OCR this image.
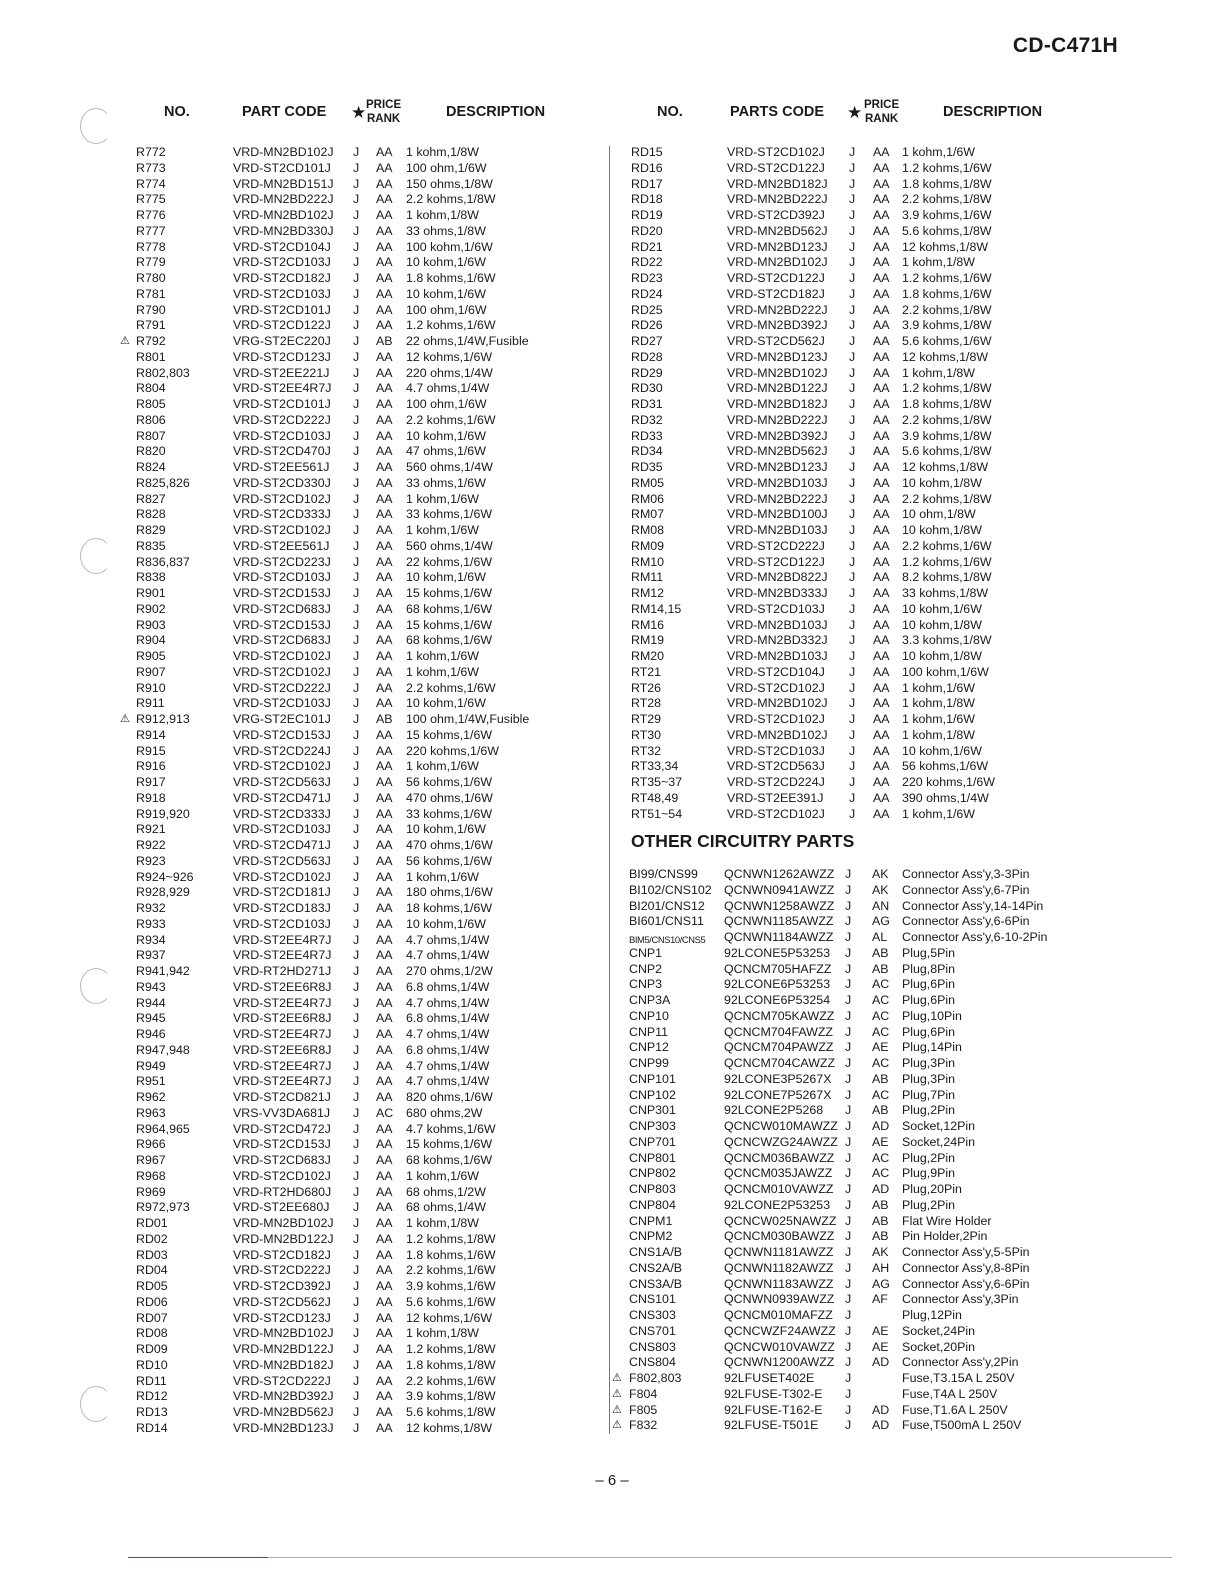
CD-C471H
NO.	PART CODE ★ PRICE
RANK	DESCRIPTION	NO.	PARTS CODE ★ PRICE
RANK	DESCRIPTION
R772	VRD-MN2BD102J J AA 1 kohm,1/8W
R773	VRD-ST2CD101J J AA 100 ohm,1/6W
R774	VRD-MN2BD151J J AA 150 ohms,1/8W
R775	VRD-MN2BD222J J AA 2.2 kohms,1/8W
R776	VRD-MN2BD102J J AA 1 kohm,1/8W
R777	VRD-MN2BD330J J AA 33 ohms,1/8W
R778	VRD-ST2CD104J J AA 100 kohm,1/6W
R779	VRD-ST2CD103J J AA 10 kohm,1/6W
R780	VRD-ST2CD182J J AA 1.8 kohms,1/6W
R781	VRD-ST2CD103J J AA 10 kohm,1/6W
R790	VRD-ST2CD101J J AA 100 ohm,1/6W
R791	VRD-ST2CD122J J AA 1.2 kohms,1/6W
⚠ R792	VRG-ST2EC220J J AB 22 ohms,1/4W,Fusible
R801	VRD-ST2CD123J J AA 12 kohms,1/6W
R802,803	VRD-ST2EE221J J AA 220 ohms,1/4W
R804	VRD-ST2EE4R7J J AA 4.7 ohms,1/4W
R805	VRD-ST2CD101J J AA 100 ohm,1/6W
R806	VRD-ST2CD222J J AA 2.2 kohms,1/6W
R807	VRD-ST2CD103J J AA 10 kohm,1/6W
R820	VRD-ST2CD470J J AA 47 ohms,1/6W
R824	VRD-ST2EE561J J AA 560 ohms,1/4W
R825,826	VRD-ST2CD330J J AA 33 ohms,1/6W
R827	VRD-ST2CD102J J AA 1 kohm,1/6W
R828	VRD-ST2CD333J J AA 33 kohms,1/6W
R829	VRD-ST2CD102J J AA 1 kohm,1/6W
R835	VRD-ST2EE561J J AA 560 ohms,1/4W
R836,837	VRD-ST2CD223J J AA 22 kohms,1/6W
R838	VRD-ST2CD103J J AA 10 kohm,1/6W
R901	VRD-ST2CD153J J AA 15 kohms,1/6W
R902	VRD-ST2CD683J J AA 68 kohms,1/6W
R903	VRD-ST2CD153J J AA 15 kohms,1/6W
R904	VRD-ST2CD683J J AA 68 kohms,1/6W
R905	VRD-ST2CD102J J AA 1 kohm,1/6W
R907	VRD-ST2CD102J J AA 1 kohm,1/6W
R910	VRD-ST2CD222J J AA 2.2 kohms,1/6W
R911	VRD-ST2CD103J J AA 10 kohm,1/6W
⚠ R912,913	VRG-ST2EC101J J AB 100 ohm,1/4W,Fusible
R914	VRD-ST2CD153J J AA 15 kohms,1/6W
R915	VRD-ST2CD224J J AA 220 kohms,1/6W
R916	VRD-ST2CD102J J AA 1 kohm,1/6W
R917	VRD-ST2CD563J J AA 56 kohms,1/6W
R918	VRD-ST2CD471J J AA 470 ohms,1/6W
R919,920	VRD-ST2CD333J J AA 33 kohms,1/6W
R921	VRD-ST2CD103J J AA 10 kohm,1/6W
R922	VRD-ST2CD471J J AA 470 ohms,1/6W
R923	VRD-ST2CD563J J AA 56 kohms,1/6W
R924~926	VRD-ST2CD102J J AA 1 kohm,1/6W
R928,929	VRD-ST2CD181J J AA 180 ohms,1/6W
R932	VRD-ST2CD183J J AA 18 kohms,1/6W
R933	VRD-ST2CD103J J AA 10 kohm,1/6W
R934	VRD-ST2EE4R7J J AA 4.7 ohms,1/4W
R937	VRD-ST2EE4R7J J AA 4.7 ohms,1/4W
R941,942	VRD-RT2HD271J J AA 270 ohms,1/2W
R943	VRD-ST2EE6R8J J AA 6.8 ohms,1/4W
R944	VRD-ST2EE4R7J J AA 4.7 ohms,1/4W
R945	VRD-ST2EE6R8J J AA 6.8 ohms,1/4W
R946	VRD-ST2EE4R7J J AA 4.7 ohms,1/4W
R947,948	VRD-ST2EE6R8J J AA 6.8 ohms,1/4W
R949	VRD-ST2EE4R7J J AA 4.7 ohms,1/4W
R951	VRD-ST2EE4R7J J AA 4.7 ohms,1/4W
R962	VRD-ST2CD821J J AA 820 ohms,1/6W
R963	VRS-VV3DA681J J AC 680 ohms,2W
R964,965	VRD-ST2CD472J J AA 4.7 kohms,1/6W
R966	VRD-ST2CD153J J AA 15 kohms,1/6W
R967	VRD-ST2CD683J J AA 68 kohms,1/6W
R968	VRD-ST2CD102J J AA 1 kohm,1/6W
R969	VRD-RT2HD680J J AA 68 ohms,1/2W
R972,973	VRD-ST2EE680J J AA 68 ohms,1/4W
RD01	VRD-MN2BD102J J AA 1 kohm,1/8W
RD02	VRD-MN2BD122J J AA 1.2 kohms,1/8W
RD03	VRD-ST2CD182J J AA 1.8 kohms,1/6W
RD04	VRD-ST2CD222J J AA 2.2 kohms,1/6W
RD05	VRD-ST2CD392J J AA 3.9 kohms,1/6W
RD06	VRD-ST2CD562J J AA 5.6 kohms,1/6W
RD07	VRD-ST2CD123J J AA 12 kohms,1/6W
RD08	VRD-MN2BD102J J AA 1 kohm,1/8W
RD09	VRD-MN2BD122J J AA 1.2 kohms,1/8W
RD10	VRD-MN2BD182J J AA 1.8 kohms,1/8W
RD11	VRD-ST2CD222J J AA 2.2 kohms,1/6W
RD12	VRD-MN2BD392J J AA 3.9 kohms,1/8W
RD13	VRD-MN2BD562J J AA 5.6 kohms,1/8W
RD14	VRD-MN2BD123J J AA 12 kohms,1/8W
RD15	VRD-ST2CD102J J AA 1 kohm,1/6W
RD16	VRD-ST2CD122J J AA 1.2 kohms,1/6W
RD17	VRD-MN2BD182J J AA 1.8 kohms,1/8W
RD18	VRD-MN2BD222J J AA 2.2 kohms,1/8W
RD19	VRD-ST2CD392J J AA 3.9 kohms,1/6W
RD20	VRD-MN2BD562J J AA 5.6 kohms,1/8W
RD21	VRD-MN2BD123J J AA 12 kohms,1/8W
RD22	VRD-MN2BD102J J AA 1 kohm,1/8W
RD23	VRD-ST2CD122J J AA 1.2 kohms,1/6W
RD24	VRD-ST2CD182J J AA 1.8 kohms,1/6W
RD25	VRD-MN2BD222J J AA 2.2 kohms,1/8W
RD26	VRD-MN2BD392J J AA 3.9 kohms,1/8W
RD27	VRD-ST2CD562J J AA 5.6 kohms,1/6W
RD28	VRD-MN2BD123J J AA 12 kohms,1/8W
RD29	VRD-MN2BD102J J AA 1 kohm,1/8W
RD30	VRD-MN2BD122J J AA 1.2 kohms,1/8W
RD31	VRD-MN2BD182J J AA 1.8 kohms,1/8W
RD32	VRD-MN2BD222J J AA 2.2 kohms,1/8W
RD33	VRD-MN2BD392J J AA 3.9 kohms,1/8W
RD34	VRD-MN2BD562J J AA 5.6 kohms,1/8W
RD35	VRD-MN2BD123J J AA 12 kohms,1/8W
RM05	VRD-MN2BD103J J AA 10 kohm,1/8W
RM06	VRD-MN2BD222J J AA 2.2 kohms,1/8W
RM07	VRD-MN2BD100J J AA 10 ohm,1/8W
RM08	VRD-MN2BD103J J AA 10 kohm,1/8W
RM09	VRD-ST2CD222J J AA 2.2 kohms,1/6W
RM10	VRD-ST2CD122J J AA 1.2 kohms,1/6W
RM11	VRD-MN2BD822J J AA 8.2 kohms,1/8W
RM12	VRD-MN2BD333J J AA 33 kohms,1/8W
RM14,15	VRD-ST2CD103J J AA 10 kohm,1/6W
RM16	VRD-MN2BD103J J AA 10 kohm,1/8W
RM19	VRD-MN2BD332J J AA 3.3 kohms,1/8W
RM20	VRD-MN2BD103J J AA 10 kohm,1/8W
RT21	VRD-ST2CD104J J AA 100 kohm,1/6W
RT26	VRD-ST2CD102J J AA 1 kohm,1/6W
RT28	VRD-MN2BD102J J AA 1 kohm,1/8W
RT29	VRD-ST2CD102J J AA 1 kohm,1/6W
RT30	VRD-MN2BD102J J AA 1 kohm,1/8W
RT32	VRD-ST2CD103J J AA 10 kohm,1/6W
RT33,34	VRD-ST2CD563J J AA 56 kohms,1/6W
RT35~37	VRD-ST2CD224J J AA 220 kohms,1/6W
RT48,49	VRD-ST2EE391J J AA 390 ohms,1/4W
RT51~54	VRD-ST2CD102J J AA 1 kohm,1/6W
OTHER CIRCUITRY PARTS
BI99/CNS99 QCNWN1262AWZZ J AK Connector Ass'y,3-3Pin
BI102/CNS102 QCNWN0941AWZZ J AK Connector Ass'y,6-7Pin
BI201/CNS12 QCNWN1258AWZZ J AN Connector Ass'y,14-14Pin
BI601/CNS11 QCNWN1185AWZZ J AG Connector Ass'y,6-6Pin
BIM5/CNS10/CNS5 QCNWN1184AWZZ J AL Connector Ass'y,6-10-2Pin
CNP1	92LCONE5P53253 J AB Plug,5Pin
CNP2	QCNCM705HAFZZ J AB Plug,8Pin
CNP3	92LCONE6P53253 J AC Plug,6Pin
CNP3A	92LCONE6P53254 J AC Plug,6Pin
CNP10	QCNCM705KAWZZ J AC Plug,10Pin
CNP11	QCNCM704FAWZZ J AC Plug,6Pin
CNP12	QCNCM704PAWZZ J AE Plug,14Pin
CNP99	QCNCM704CAWZZ J AC Plug,3Pin
CNP101	92LCONE3P5267X J AB Plug,3Pin
CNP102	92LCONE7P5267X J AC Plug,7Pin
CNP301	92LCONE2P5268 J AB Plug,2Pin
CNP303	QCNCW010MAWZZ J AD Socket,12Pin
CNP701	QCNCWZG24AWZZ J AE Socket,24Pin
CNP801	QCNCM036BAWZZ J AC Plug,2Pin
CNP802	QCNCM035JAWZZ J AC Plug,9Pin
CNP803	QCNCM010VAWZZ J AD Plug,20Pin
CNP804	92LCONE2P53253 J AB Plug,2Pin
CNPM1	QCNCW025NAWZZ J AB Flat Wire Holder
CNPM2	QCNCM030BAWZZ J AB Pin Holder,2Pin
CNS1A/B	QCNWN1181AWZZ J AK Connector Ass'y,5-5Pin
CNS2A/B	QCNWN1182AWZZ J AH Connector Ass'y,8-8Pin
CNS3A/B	QCNWN1183AWZZ J AG Connector Ass'y,6-6Pin
CNS101	QCNWN0939AWZZ J AF Connector Ass'y,3Pin
CNS303	QCNCM010MAFZZ J	Plug,12Pin
CNS701	QCNCWZF24AWZZ J AE Socket,24Pin
CNS803	QCNCW010VAWZZ J AE Socket,20Pin
CNS804	QCNWN1200AWZZ J AD Connector Ass'y,2Pin
⚠ F802,803	92LFUSET402E J	Fuse,T3.15A L 250V
⚠ F804	92LFUSE-T302-E J	Fuse,T4A L 250V
⚠ F805	92LFUSE-T162-E J AD Fuse,T1.6A L 250V
⚠ F832	92LFUSE-T501E J AD Fuse,T500mA L 250V
– 6 –
